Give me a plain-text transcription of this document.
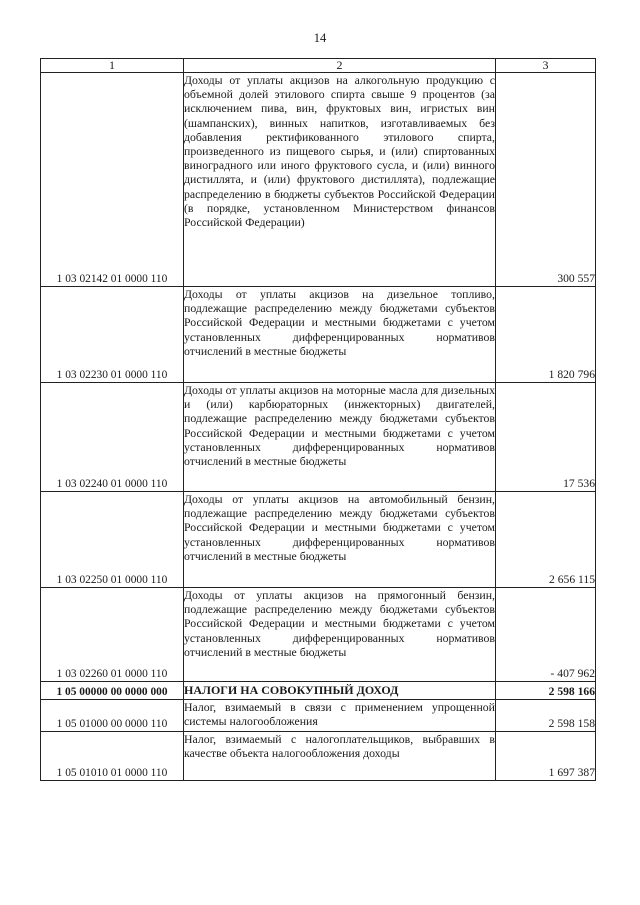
14
1	2	3
1 03 02142 01 0000 110	Доходы от уплаты акцизов на алкогольную продукцию с объемной долей этилового спирта свыше 9 процентов (за исключением пива, вин, фруктовых вин, игристых вин (шампанских), винных напитков, изготавливаемых без добавления ректификованного этилового спирта, произведенного из пищевого сырья, и (или) спиртованных виноградного или иного фруктового сусла, и (или) винного дистиллята, и (или) фруктового дистиллята), подлежащие распределению в бюджеты субъектов Российской Федерации (в порядке, установленном Министерством финансов Российской Федерации)	300 557
1 03 02230 01 0000 110	Доходы от уплаты акцизов на дизельное топливо, подлежащие распределению между бюджетами субъектов Российской Федерации и местными бюджетами с учетом установленных дифференцированных нормативов отчислений в местные бюджеты	1 820 796
1 03 02240 01 0000 110	Доходы от уплаты акцизов на моторные масла для дизельных и (или) карбюраторных (инжекторных) двигателей, подлежащие распределению между бюджетами субъектов Российской Федерации и местными бюджетами с учетом установленных дифференцированных нормативов отчислений в местные бюджеты	17 536
1 03 02250 01 0000 110	Доходы от уплаты акцизов на автомобильный бензин, подлежащие распределению между бюджетами субъектов Российской Федерации и местными бюджетами с учетом установленных дифференцированных нормативов отчислений в местные бюджеты	2 656 115
1 03 02260 01 0000 110	Доходы от уплаты акцизов на прямогонный бензин, подлежащие распределению между бюджетами субъектов Российской Федерации и местными бюджетами с учетом установленных дифференцированных нормативов отчислений в местные бюджеты	- 407 962
1 05 00000 00 0000 000	НАЛОГИ НА СОВОКУПНЫЙ ДОХОД	2 598 166
1 05 01000 00 0000 110	Налог, взимаемый в связи с применением упрощенной системы налогообложения	2 598 158
1 05 01010 01 0000 110	Налог, взимаемый с налогоплательщиков, выбравших в качестве объекта налогообложения доходы	1 697 387
